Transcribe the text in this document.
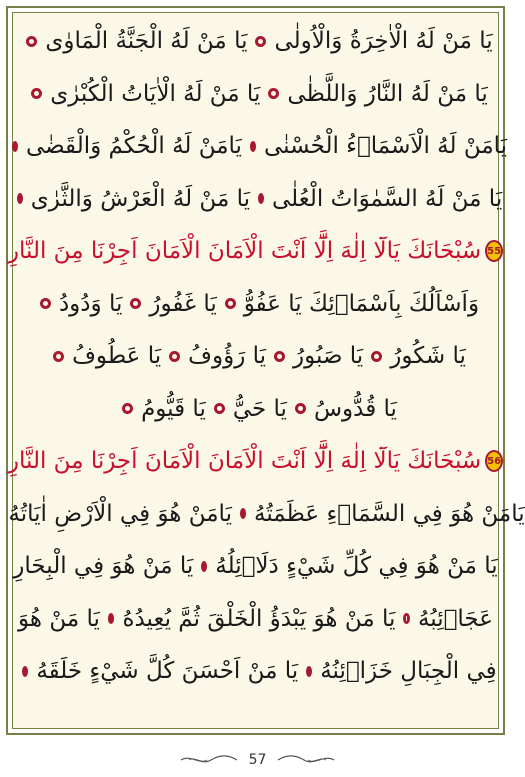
يَا مَنْ لَهُ الْاٰخِرَةُ وَالْاُولٰى
يَا مَنْ لَهُ الْجَنَّةُ الْمَاوٰى
يَا مَنْ لَهُ النَّارُ وَاللَّظٰى
يَا مَنْ لَهُ الْاٰيَاتُ الْكُبْرٰى
يَامَنْ لَهُ الْاَسْمَاۤءُ الْحُسْنٰى
يَامَنْ لَهُ الْحُكْمُ وَالْقَضٰى
يَا مَنْ لَهُ السَّمٰوَاتُ الْعُلٰى
يَا مَنْ لَهُ الْعَرْشُ وَالثَّرٰى
55
سُبْحَانَكَ يَالَٓا اِلٰهَ اِلَّٓا اَنْتَ الْاَمَانَ الْاَمَانَ اَجِرْنَا مِنَ النَّارِ
وَاَسْاَلُكَ بِاَسْمَاۤئِكَ يَا عَفُوُّ
يَا غَفُورُ
يَا وَدُودُ
يَا شَكُورُ
يَا صَبُورُ
يَا رَؤُوفُ
يَا عَطُوفُ
يَا قُدُّوسُ
يَا حَيُّ
يَا قَيُّومُ
56
سُبْحَانَكَ يَالَٓا اِلٰهَ اِلَّٓا اَنْتَ الْاَمَانَ الْاَمَانَ اَجِرْنَا مِنَ النَّارِ
يَامَنْ هُوَ فِي السَّمَاۤءِ عَظَمَتُهُ
يَامَنْ هُوَ فِي الْاَرْضِ اٰيَاتُهُ
يَا مَنْ هُوَ فِي كُلِّ شَيْءٍ دَلَاۤئِلُهُ
يَا مَنْ هُوَ فِي الْبِحَارِ
عَجَاۤئِبُهُ
يَا مَنْ هُوَ يَبْدَؤُ الْخَلْقَ ثُمَّ يُعِيدُهُ
يَا مَنْ هُوَ
فِي الْجِبَالِ خَزَاۤئِنُهُ
يَا مَنْ اَحْسَنَ كُلَّ شَيْءٍ خَلَقَهُ
57
